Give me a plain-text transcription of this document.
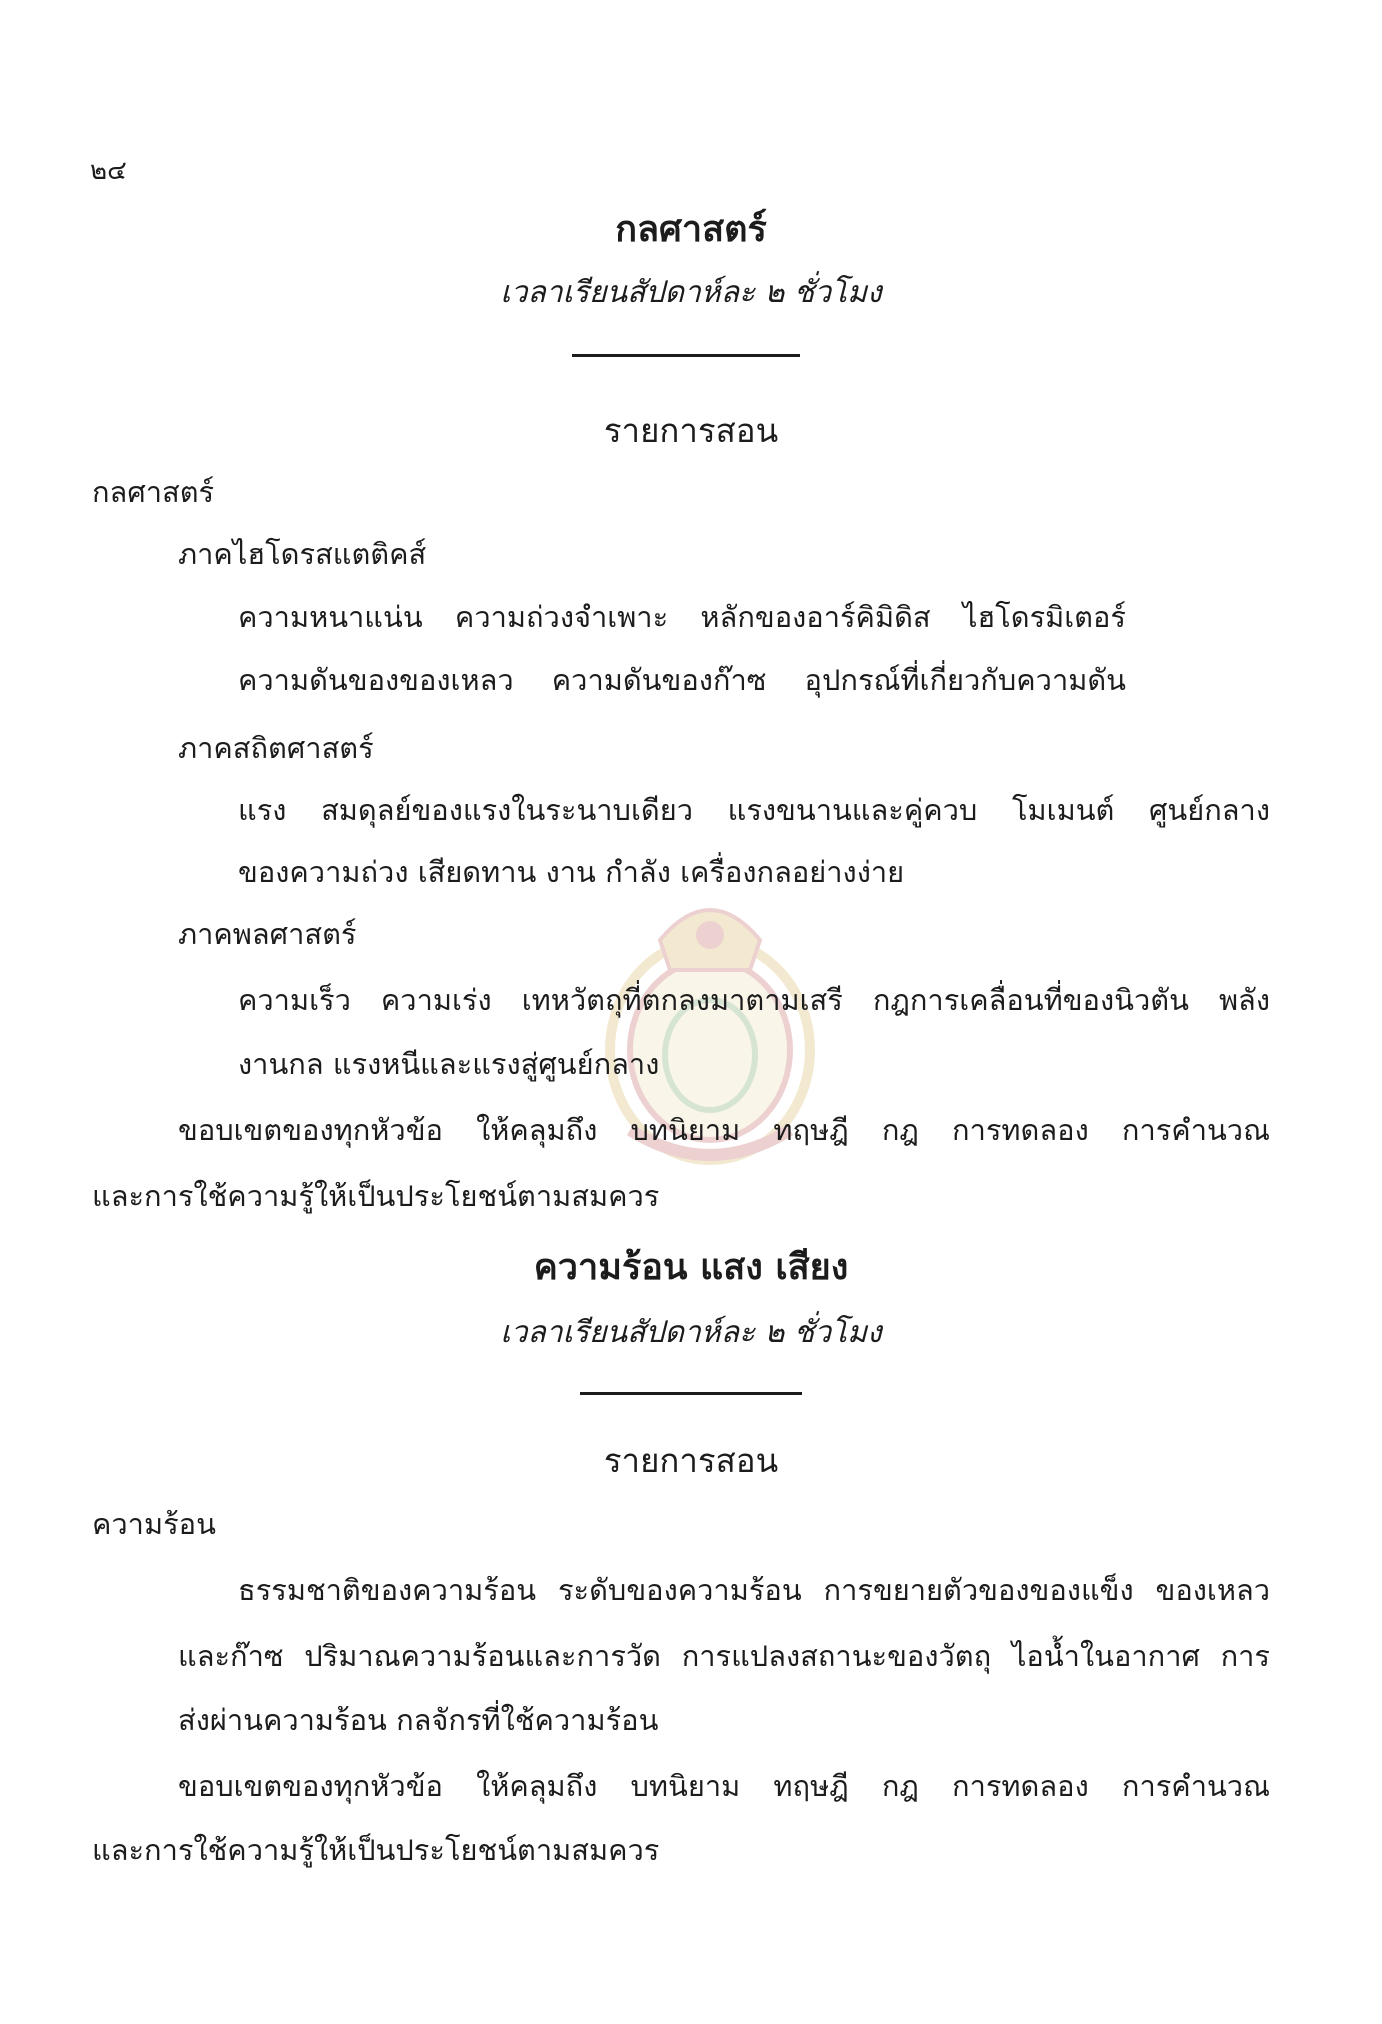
๒๔
กลศาสตร์
เวลาเรียนสัปดาห์ละ ๒ ชั่วโมง
รายการสอน
กลศาสตร์
ภาคไฮโดรสแตติคส์
ความหนาแน่น ความถ่วงจำเพาะ หลักของอาร์คิมิดิส ไฮโดรมิเตอร์
ความดันของของเหลว ความดันของก๊าซ อุปกรณ์ที่เกี่ยวกับความดัน
ภาคสถิตศาสตร์
แรง สมดุลย์ของแรงในระนาบเดียว แรงขนานและคู่ควบ โมเมนต์ ศูนย์กลาง
ของความถ่วง เสียดทาน งาน กำลัง เครื่องกลอย่างง่าย
ภาคพลศาสตร์
ความเร็ว ความเร่ง เทหวัตถุที่ตกลงมาตามเสรี กฎการเคลื่อนที่ของนิวตัน พลัง
งานกล แรงหนีและแรงสู่ศูนย์กลาง
ขอบเขตของทุกหัวข้อ ให้คลุมถึง บทนิยาม ทฤษฎี กฎ การทดลอง การคำนวณ
และการใช้ความรู้ให้เป็นประโยชน์ตามสมควร
ความร้อน แสง เสียง
เวลาเรียนสัปดาห์ละ ๒ ชั่วโมง
รายการสอน
ความร้อน
ธรรมชาติของความร้อน ระดับของความร้อน การขยายตัวของของแข็ง ของเหลว
และก๊าซ ปริมาณความร้อนและการวัด การแปลงสถานะของวัตถุ ไอน้ำในอากาศ การ
ส่งผ่านความร้อน กลจักรที่ใช้ความร้อน
ขอบเขตของทุกหัวข้อ ให้คลุมถึง บทนิยาม ทฤษฎี กฎ การทดลอง การคำนวณ
และการใช้ความรู้ให้เป็นประโยชน์ตามสมควร
